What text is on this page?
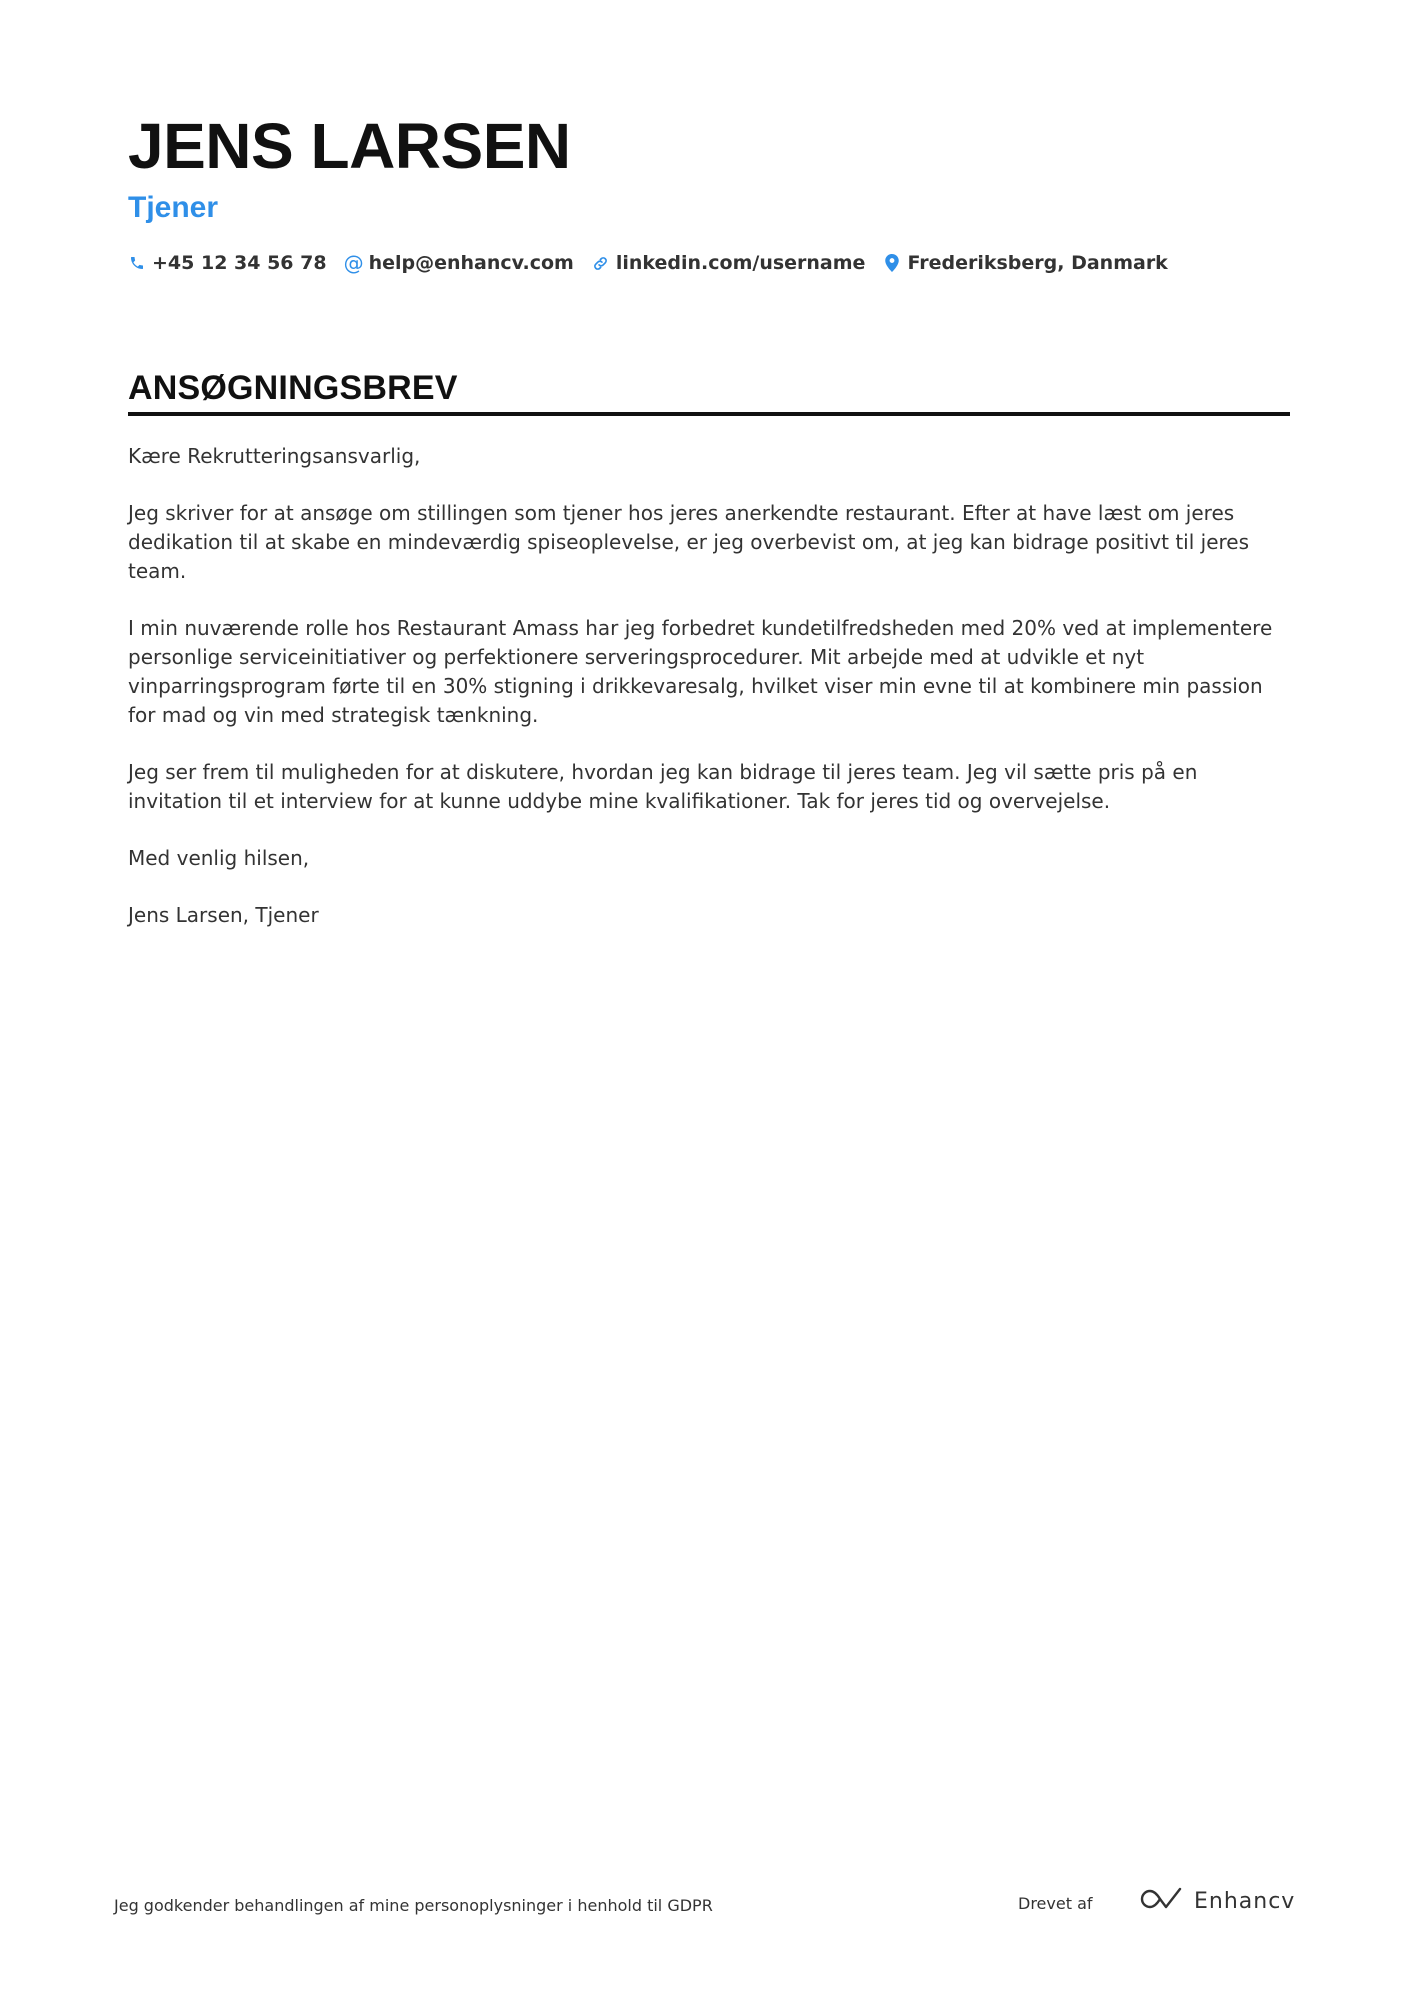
JENS LARSEN
Tjener
+45 12 34 56 78 @ help@enhancv.com linkedin.com/username Frederiksberg, Danmark
ANSØGNINGSBREV

Kære Rekrutteringsansvarlig,

Jeg skriver for at ansøge om stillingen som tjener hos jeres anerkendte restaurant. Efter at have læst om jeres dedikation til at skabe en mindeværdig spiseoplevelse, er jeg overbevist om, at jeg kan bidrage positivt til jeres team.

I min nuværende rolle hos Restaurant Amass har jeg forbedret kundetilfredsheden med 20% ved at implementere personlige serviceinitiativer og perfektionere serveringsprocedurer. Mit arbejde med at udvikle et nyt vinparringsprogram førte til en 30% stigning i drikkevaresalg, hvilket viser min evne til at kombinere min passion for mad og vin med strategisk tænkning.

Jeg ser frem til muligheden for at diskutere, hvordan jeg kan bidrage til jeres team. Jeg vil sætte pris på en invitation til et interview for at kunne uddybe mine kvalifikationer. Tak for jeres tid og overvejelse.

Med venlig hilsen,

Jens Larsen, Tjener

Jeg godkender behandlingen af mine personoplysninger i henhold til GDPR	Drevet af	Enhancv
